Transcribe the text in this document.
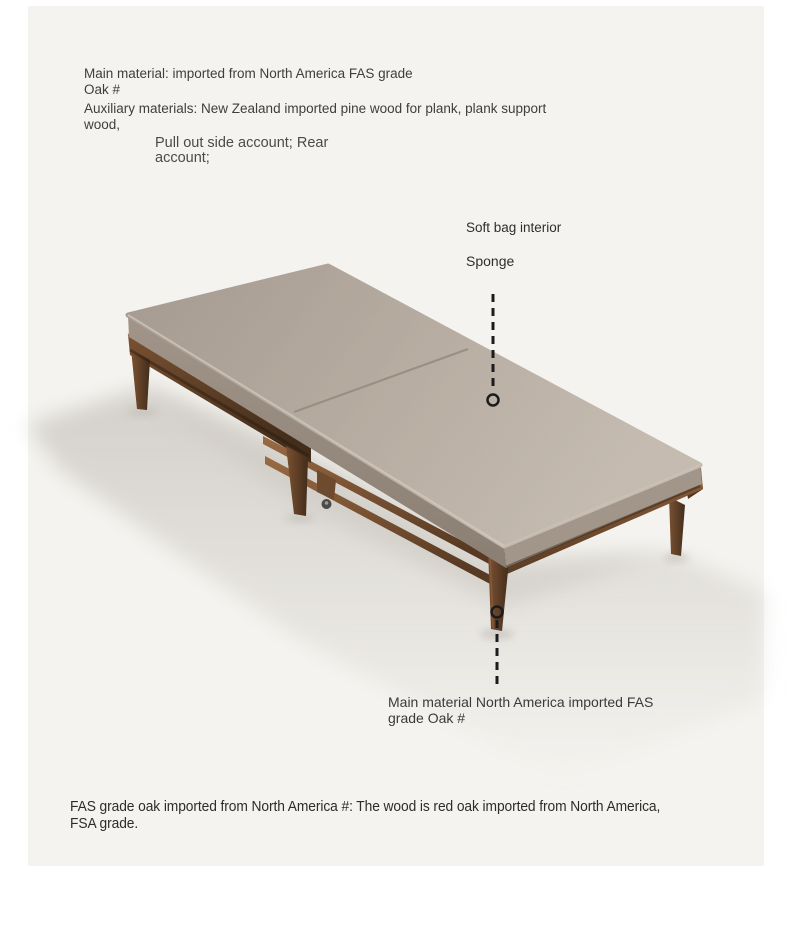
Main material: imported from North America FAS grade
Oak #
Auxiliary materials: New Zealand imported pine wood for plank, plank support
wood,
Pull out side account; Rear
account;
Soft bag interior
Sponge
Main material North America imported FAS
grade Oak #
FAS grade oak imported from North America #: The wood is red oak imported from North America,
FSA grade.
